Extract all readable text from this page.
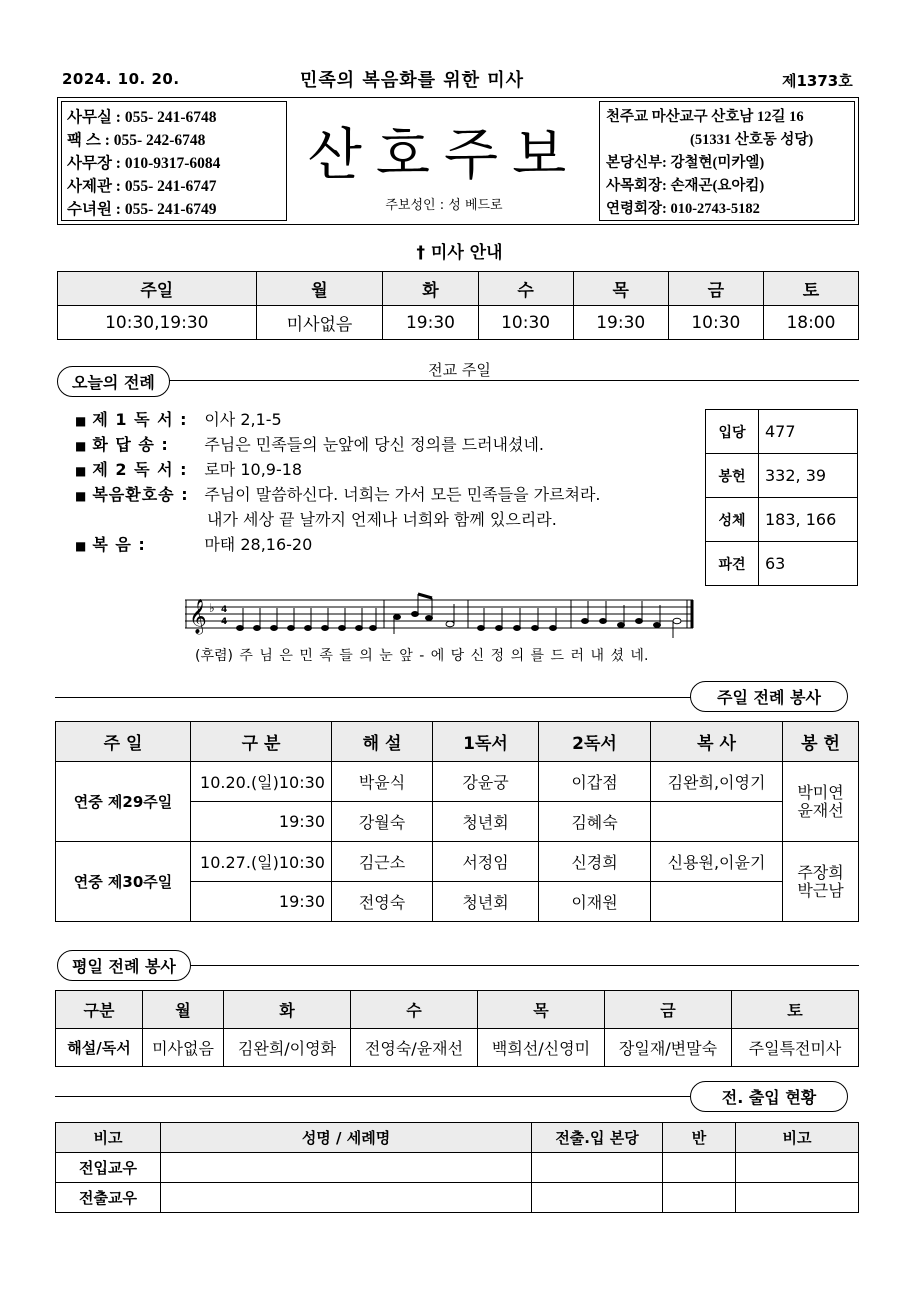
2024. 10. 20.	민족의 복음화를 위한 미사	제1373호
사무실 : 055- 241-6748
팩 스 : 055- 242-6748
사무장 : 010-9317-6084
사제관 : 055- 241-6747
수녀원 : 055- 241-6749
산호주보
주보성인 : 성 베드로
천주교 마산교구 산호남 12길 16
(51331 산호동 성당)
본당신부: 강철현(미카엘)
사목회장: 손재곤(요아킴)
연령회장: 010-2743-5182
† 미사 안내
주일	월	화	수	목	금	토
10:30,19:30	미사없음	19:30	10:30	19:30	10:30	18:00
오늘의 전례
전교 주일
■ 제 1 독 서 : 이사 2,1-5
■ 화 답 송 : 주님은 민족들의 눈앞에 당신 정의를 드러내셨네.
■ 제 2 독 서 : 로마 10,9-18
■ 복음환호송 : 주님이 말씀하신다. 너희는 가서 모든 민족들을 가르쳐라.
내가 세상 끝 날까지 언제나 너희와 함께 있으리라.
■ 복 음 :	마태 28,16-20
입당	477
봉헌	332, 39
성체	183, 166
파견	63
𝄞 ♭ 4
4
(후렴) 주 님 은 민 족 들 의 눈 앞 - 에 당 신 정 의 를 드 러 내 셨 네.
주일 전례 봉사
주 일	구 분	해 설	1독서	2독서	복 사	봉 헌
연중 제29주일	10.20.(일)10:30	박윤식	강윤궁	이갑점	김완희,이영기	박미연 윤재선
	19:30	강월숙	청년회	김혜숙		
연중 제30주일	10.27.(일)10:30	김근소	서정임	신경희	신용원,이윤기	주장희 박근남
	19:30	전영숙	청년회	이재원		
평일 전례 봉사
구분	월	화	수	목	금	토
해설/독서	미사없음	김완희/이영화	전영숙/윤재선	백희선/신영미	장일재/변말숙	주일특전미사
전. 출입 현황
비고	성명 / 세례명	전출.입 본당	반	비고
전입교우				
전출교우				
